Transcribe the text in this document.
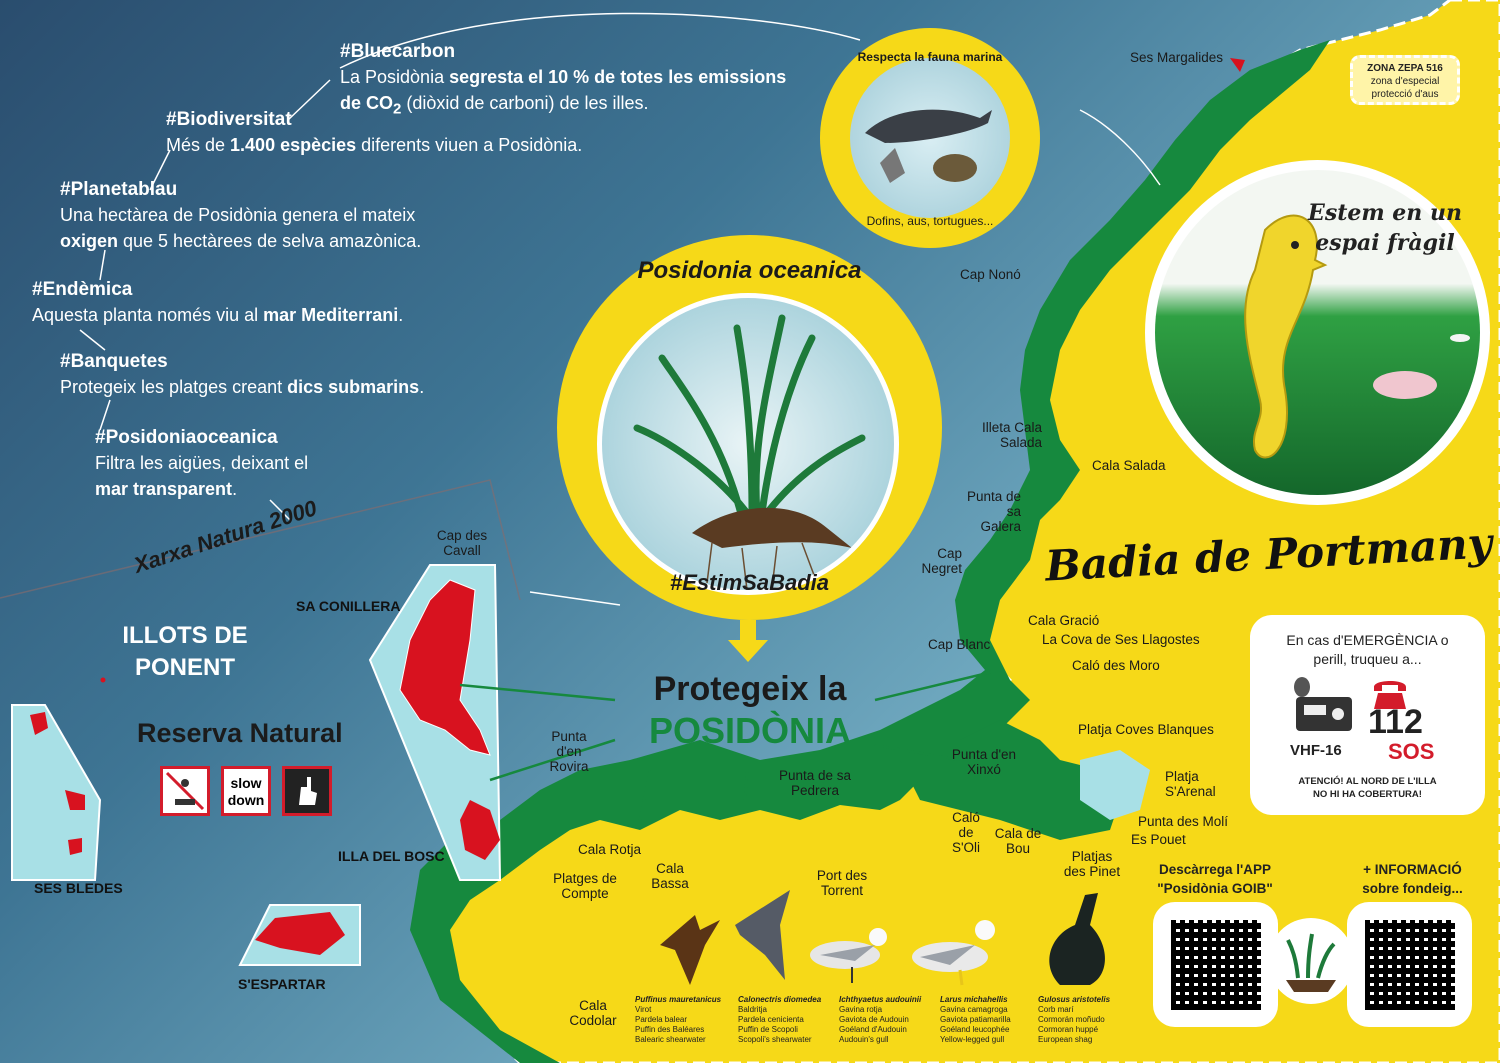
#Bluecarbon
La Posidònia segresta el 10 % de totes les emissions de $CO_2$ (diòxid de carboni) de les illes.
#Biodiversitat
Més de 1.400 espècies diferents viuen a Posidònia.
#Planetablau
Una hectàrea de Posidònia genera el mateix oxigen que 5 hectàrees de selva amazònica.
#Endèmica
Aquesta planta només viu al mar Mediterrani.
#Banquetes
Protegeix les platges creant dics submarins.
#Posidoniaoceanica
Filtra les aigües, deixant el mar transparent.
Respecta la fauna marina
Dofins, aus, tortugues...
ZONA ZEPA 516
zona d'especial
protecció d'aus
Estem en un
espai fràgil
Posidonia oceanica
#EstimSaBadia
Xarxa Natura 2000
Protegeix la
POSIDÒNIA
Badia de Portmany
ILLOTS DE
PONENT
Reserva Natural
slow
down
SA CONILLERA
ILLA DEL BOSC
SES BLEDES
S'ESPARTAR
Ses Margalides
Cap Nonó
Illeta Cala Salada
Cala Salada
Punta de sa Galera
Cap Negret
Cala Gració
La Cova de Ses Llagostes
Cap Blanc
Caló des Moro
Platja Coves Blanques
Punta d'en Xinxó	Platja S'Arenal
Punta des Molí
Es Pouet
Caló de S'Oli
Cala de Bou
Platjas des Pinet
Punta de sa Pedrera
Port des Torrent
Cala Bassa
Platges de Compte
Cala Rotja
Punta d'en Rovira
Cap des Cavall
Cala Codolar
En cas d'EMERGÈNCIA o
perill, truqueu a...
VHF-16
112
SOS
ATENCIÓ! AL NORD DE L'ILLA
NO HI HA COBERTURA!
Descàrrega l'APP
"Posidònia GOIB"
+ INFORMACIÓ
sobre fondeig...
Puffinus mauretanicus
Virot
Pardela balear
Puffin des Baléares
Balearic shearwater
Calonectris diomedea
Baldritja
Pardela cenicienta
Puffin de Scopoli
Scopoli's shearwater
Ichthyaetus audouinii
Gavina rotja
Gaviota de Audouin
Goéland d'Audouin
Audouin's gull
Larus michahellis
Gavina camagroga
Gaviota patiamarilla
Goéland leucophée
Yellow-legged gull
Gulosus aristotelis
Corb marí
Cormorán moñudo
Cormoran huppé
European shag
